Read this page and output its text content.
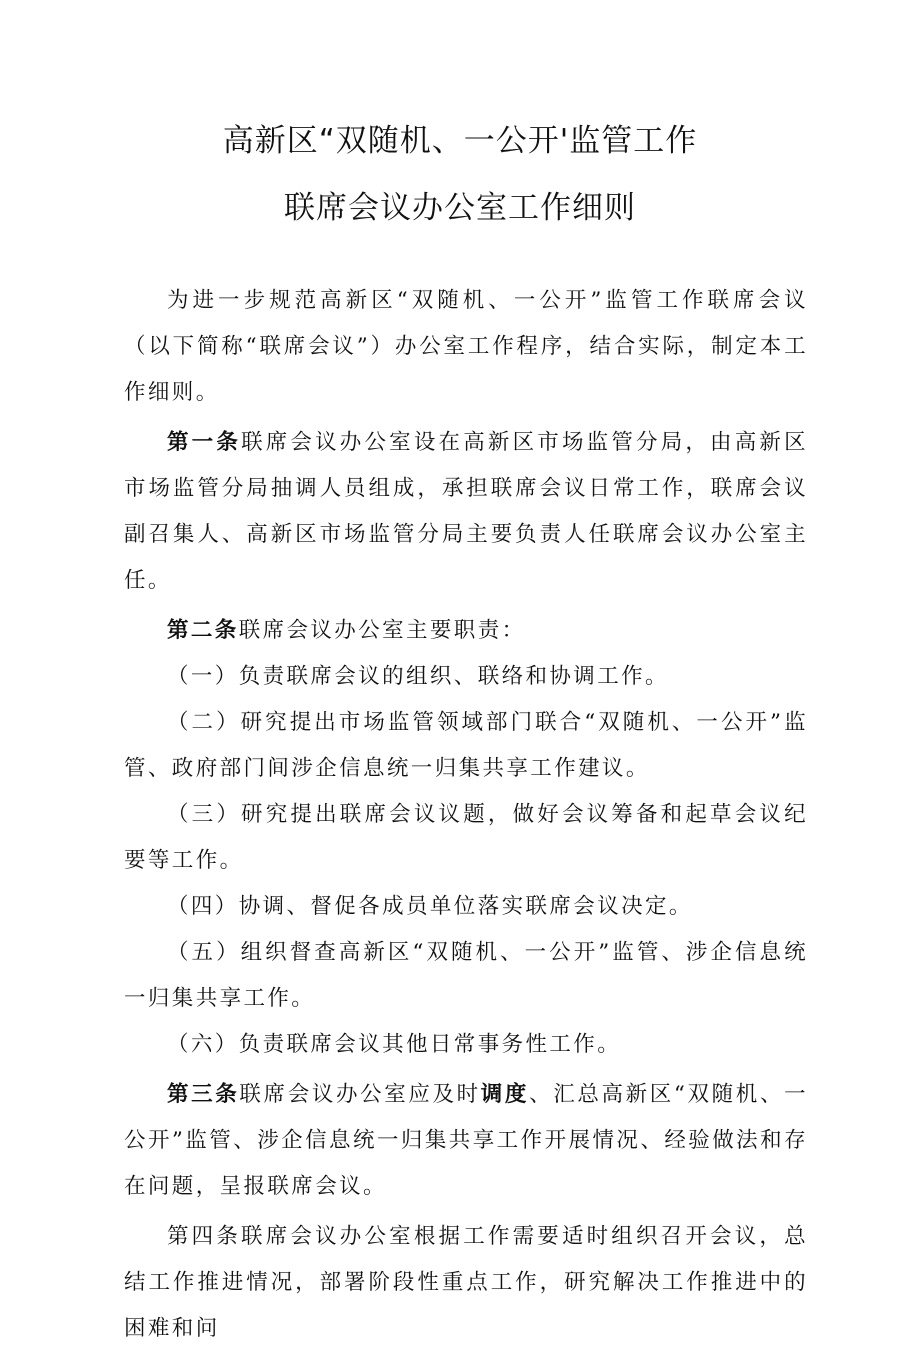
高新区“双随机、一公开'监管工作
联席会议办公室工作细则

为进一步规范高新区“双随机、一公开”监管工作联席会议（以下简称“联席会议”）办公室工作程序，结合实际，制定本工作细则。

第一条联席会议办公室设在高新区市场监管分局，由高新区市场监管分局抽调人员组成，承担联席会议日常工作，联席会议副召集人、高新区市场监管分局主要负责人任联席会议办公室主任。

第二条联席会议办公室主要职责：

（一）负责联席会议的组织、联络和协调工作。

（二）研究提出市场监管领域部门联合“双随机、一公开”监管、政府部门间涉企信息统一归集共享工作建议。

（三）研究提出联席会议议题，做好会议筹备和起草会议纪要等工作。

（四）协调、督促各成员单位落实联席会议决定。

（五）组织督查高新区“双随机、一公开”监管、涉企信息统一归集共享工作。

（六）负责联席会议其他日常事务性工作。

第三条联席会议办公室应及时调度、汇总高新区“双随机、一公开”监管、涉企信息统一归集共享工作开展情况、经验做法和存在问题，呈报联席会议。

第四条联席会议办公室根据工作需要适时组织召开会议，总结工作推进情况，部署阶段性重点工作，研究解决工作推进中的困难和问
